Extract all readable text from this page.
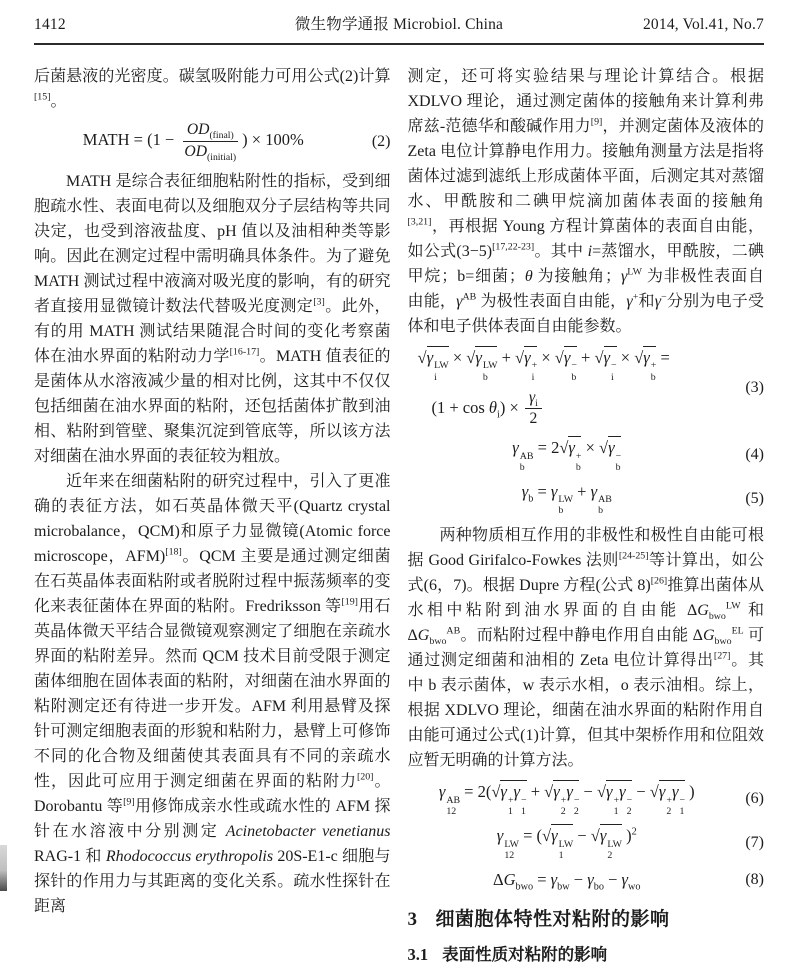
1412	微生物学通报 Microbiol. China	2014, Vol.41, No.7

后菌悬液的光密度。碳氢吸附能力可用公式(2)计算[15]。

MATH = ($1 - \frac{OD_{(final)}}{OD_{(initial)}}$ ) × 100%	(2)

MATH 是综合表征细胞粘附性的指标，受到细胞疏水性、表面电荷以及细胞双分子层结构等共同决定，也受到溶液盐度、pH 值以及油相种类等影响。因此在测定过程中需明确具体条件。为了避免 MATH 测试过程中液滴对吸光度的影响，有的研究者直接用显微镜计数法代替吸光度测定[3]。此外，有的用 MATH 测试结果随混合时间的变化考察菌体在油水界面的粘附动力学[16-17]。MATH 值表征的是菌体从水溶液减少量的相对比例，这其中不仅仅包括细菌在油水界面的粘附，还包括菌体扩散到油相、粘附到管壁、聚集沉淀到管底等，所以该方法对细菌在油水界面的表征较为粗放。

近年来在细菌粘附的研究过程中，引入了更准确的表征方法，如石英晶体微天平(Quartz crystal microbalance，QCM)和原子力显微镜(Atomic force microscope，AFM)[18]。QCM 主要是通过测定细菌在石英晶体表面粘附或者脱附过程中振荡频率的变化来表征菌体在界面的粘附。Fredriksson 等[19]用石英晶体微天平结合显微镜观察测定了细胞在亲疏水界面的粘附差异。然而 QCM 技术目前受限于测定菌体细胞在固体表面的粘附，对细菌在油水界面的粘附测定还有待进一步开发。AFM 利用悬臂及探针可测定细胞表面的形貌和粘附力，悬臂上可修饰不同的化合物及细菌使其表面具有不同的亲疏水性，因此可应用于测定细菌在界面的粘附力[20]。Dorobantu 等[9]用修饰成亲水性或疏水性的 AFM 探针在水溶液中分别测定 Acinetobacter venetianus RAG-1 和 Rhodococcus erythropolis 20S-E1-c 细胞与探针的作用力与其距离的变化关系。疏水性探针在距离

测定，还可将实验结果与理论计算结合。根据 XDLVO 理论，通过测定菌体的接触角来计算利弗席兹-范德华和酸碱作用力[9]，并测定菌体及液体的 Zeta 电位计算静电作用力。接触角测量方法是指将菌体过滤到滤纸上形成菌体平面，后测定其对蒸馏水、甲酰胺和二碘甲烷滴加菌体表面的接触角[3,21]，再根据 Young 方程计算菌体的表面自由能，如公式(3−5)[17,22-23]。其中 i=蒸馏水，甲酰胺，二碘甲烷；b=细菌；θ 为接触角；$\gamma^{LW}$ 为非极性表面自由能，$\gamma^{AB}$ 为极性表面自由能，γ+和γ−分别为电子受体和电子供体表面自由能参数。

√γ LW
i
× √γ LW
b
+ √γ +
i
× √γ −
b
+ √γ −
i
× √γ +
b
=
$(1 + \cos \theta_i) \times \frac{\gamma_i}{2}$
(3)
γ AB
b
= 2√γ +
b
× √γ −
b
(4)
$\gamma_b = \gamma$ LW
b
+ γ AB
b
(5)

两种物质相互作用的非极性和极性自由能可根据 Good Girifalco-Fowkes 法则[24-25]等计算出，如公式(6，7)。根据 Dupre 方程(公式 8)[26]推算出菌体从水相中粘附到油水界面的自由能 $\Delta G_{bwo}^{LW}$ 和 $\Delta G_{bwo}^{AB}$。而粘附过程中静电作用自由能 $\Delta G_{bwo}^{EL}$ 可通过测定细菌和油相的 Zeta 电位计算得出[27]。其中 b 表示菌体，w 表示水相，o 表示油相。综上，根据 XDLVO 理论，细菌在油水界面的粘附作用自由能可通过公式(1)计算，但其中架桥作用和位阻效应暂无明确的计算方法。

γ AB
12
= 2(√γ +
1
γ −
1
+ √γ +
2
γ −
2
− √γ +
1
γ −
2
− √γ +
2
γ −
1
)	(6)
γ LW
12
= (√γ LW
1
− √γ LW
2
)$^2$
(7)
$\Delta G_{bwo} = \gamma_{bw} - \gamma_{bo} - \gamma_{wo}$	(8)
3 细菌胞体特性对粘附的影响
3.1 表面性质对粘附的影响
